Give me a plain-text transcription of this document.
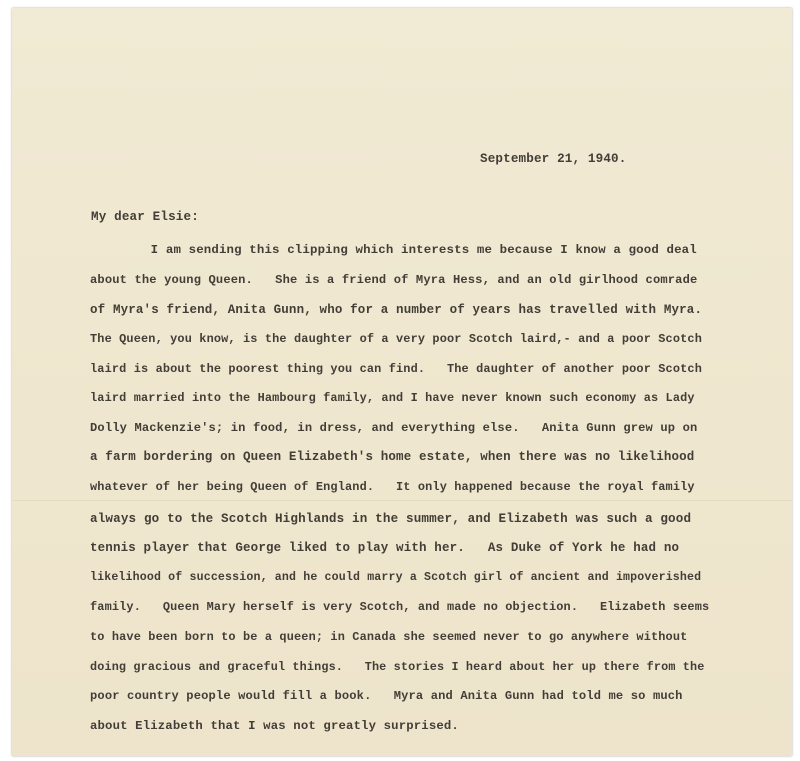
September 21, 1940.
My dear Elsie:
I am sending this clipping which interests me because I know a good deal
about the young Queen.   She is a friend of Myra Hess, and an old girlhood comrade
of Myra's friend, Anita Gunn, who for a number of years has travelled with Myra.
The Queen, you know, is the daughter of a very poor Scotch laird,- and a poor Scotch
laird is about the poorest thing you can find.   The daughter of another poor Scotch
laird married into the Hambourg family, and I have never known such economy as Lady
Dolly Mackenzie's; in food, in dress, and everything else.   Anita Gunn grew up on
a farm bordering on Queen Elizabeth's home estate, when there was no likelihood
whatever of her being Queen of England.   It only happened because the royal family
always go to the Scotch Highlands in the summer, and Elizabeth was such a good
tennis player that George liked to play with her.   As Duke of York he had no
likelihood of succession, and he could marry a Scotch girl of ancient and impoverished
family.   Queen Mary herself is very Scotch, and made no objection.   Elizabeth seems
to have been born to be a queen; in Canada she seemed never to go anywhere without
doing gracious and graceful things.   The stories I heard about her up there from the
poor country people would fill a book.   Myra and Anita Gunn had told me so much
about Elizabeth that I was not greatly surprised.
